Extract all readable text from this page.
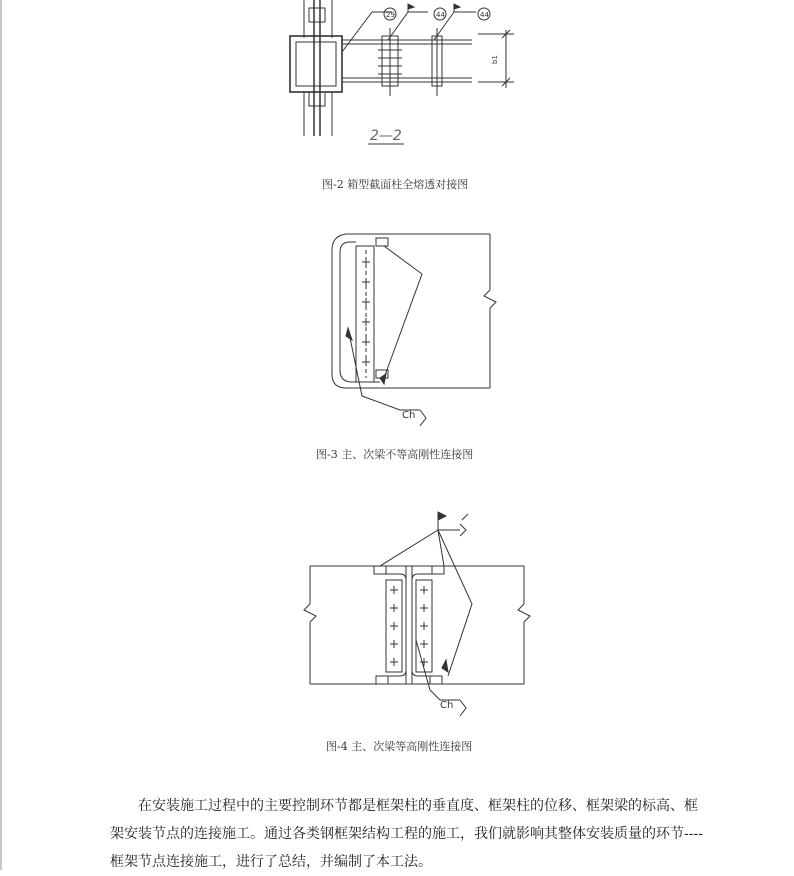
2—2
29	44	44
b1
Ch
Ch
图-2 箱型截面柱全熔透对接图
图-3 主、次梁不等高刚性连接图
图-4 主、次梁等高刚性连接图

在安装施工过程中的主要控制环节都是框架柱的垂直度、框架柱的位移、框架梁的标高、框

架安装节点的连接施工。通过各类钢框架结构工程的施工，我们就影响其整体安装质量的环节----

框架节点连接施工，进行了总结，并编制了本工法。
